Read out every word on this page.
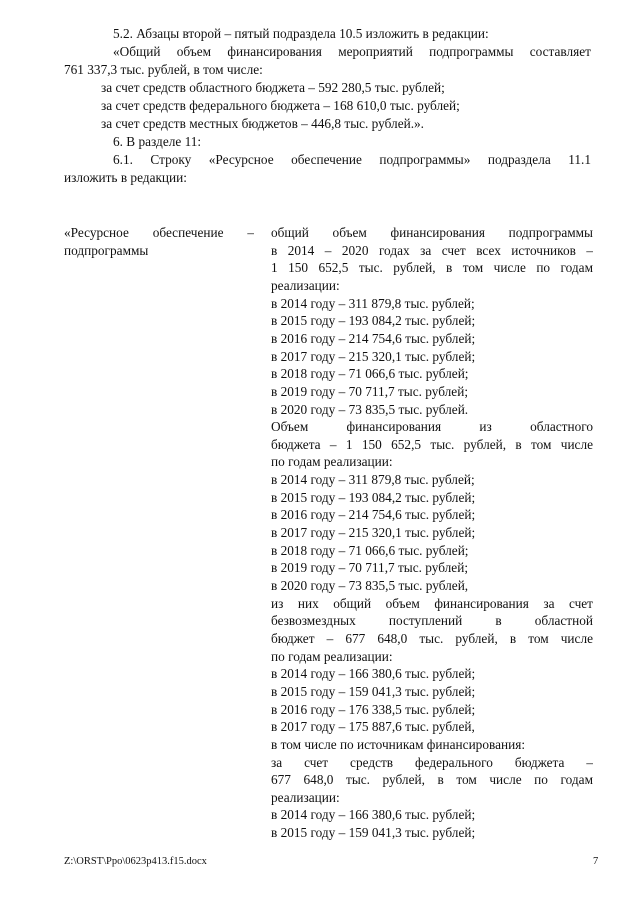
5.2. Абзацы второй – пятый подраздела 10.5 изложить в редакции:
«Общий объем финансирования мероприятий подпрограммы составляет
761 337,3 тыс. рублей, в том числе:
за счет средств областного бюджета – 592 280,5 тыс. рублей;
за счет средств федерального бюджета – 168 610,0 тыс. рублей;
за счет средств местных бюджетов – 446,8 тыс. рублей.».
6. В разделе 11:
6.1. Строку «Ресурсное обеспечение подпрограммы» подраздела 11.1
изложить в редакции:
«Ресурсное обеспечение –
подпрограммы
общий объем финансирования подпрограммы
в 2014 – 2020 годах за счет всех источников –
1 150 652,5 тыс. рублей, в том числе по годам
реализации:
в 2014 году – 311 879,8 тыс. рублей;
в 2015 году – 193 084,2 тыс. рублей;
в 2016 году – 214 754,6 тыс. рублей;
в 2017 году – 215 320,1 тыс. рублей;
в 2018 году – 71 066,6 тыс. рублей;
в 2019 году – 70 711,7 тыс. рублей;
в 2020 году – 73 835,5 тыс. рублей.
Объем финансирования из областного
бюджета – 1 150 652,5 тыс. рублей, в том числе
по годам реализации:
в 2014 году – 311 879,8 тыс. рублей;
в 2015 году – 193 084,2 тыс. рублей;
в 2016 году – 214 754,6 тыс. рублей;
в 2017 году – 215 320,1 тыс. рублей;
в 2018 году – 71 066,6 тыс. рублей;
в 2019 году – 70 711,7 тыс. рублей;
в 2020 году – 73 835,5 тыс. рублей,
из них общий объем финансирования за счет
безвозмездных поступлений в областной
бюджет – 677 648,0 тыс. рублей, в том числе
по годам реализации:
в 2014 году – 166 380,6 тыс. рублей;
в 2015 году – 159 041,3 тыс. рублей;
в 2016 году – 176 338,5 тыс. рублей;
в 2017 году – 175 887,6 тыс. рублей,
в том числе по источникам финансирования:
за счет средств федерального бюджета –
677 648,0 тыс. рублей, в том числе по годам
реализации:
в 2014 году – 166 380,6 тыс. рублей;
в 2015 году – 159 041,3 тыс. рублей;
Z:\ORST\Ppo\0623p413.f15.docx	7
